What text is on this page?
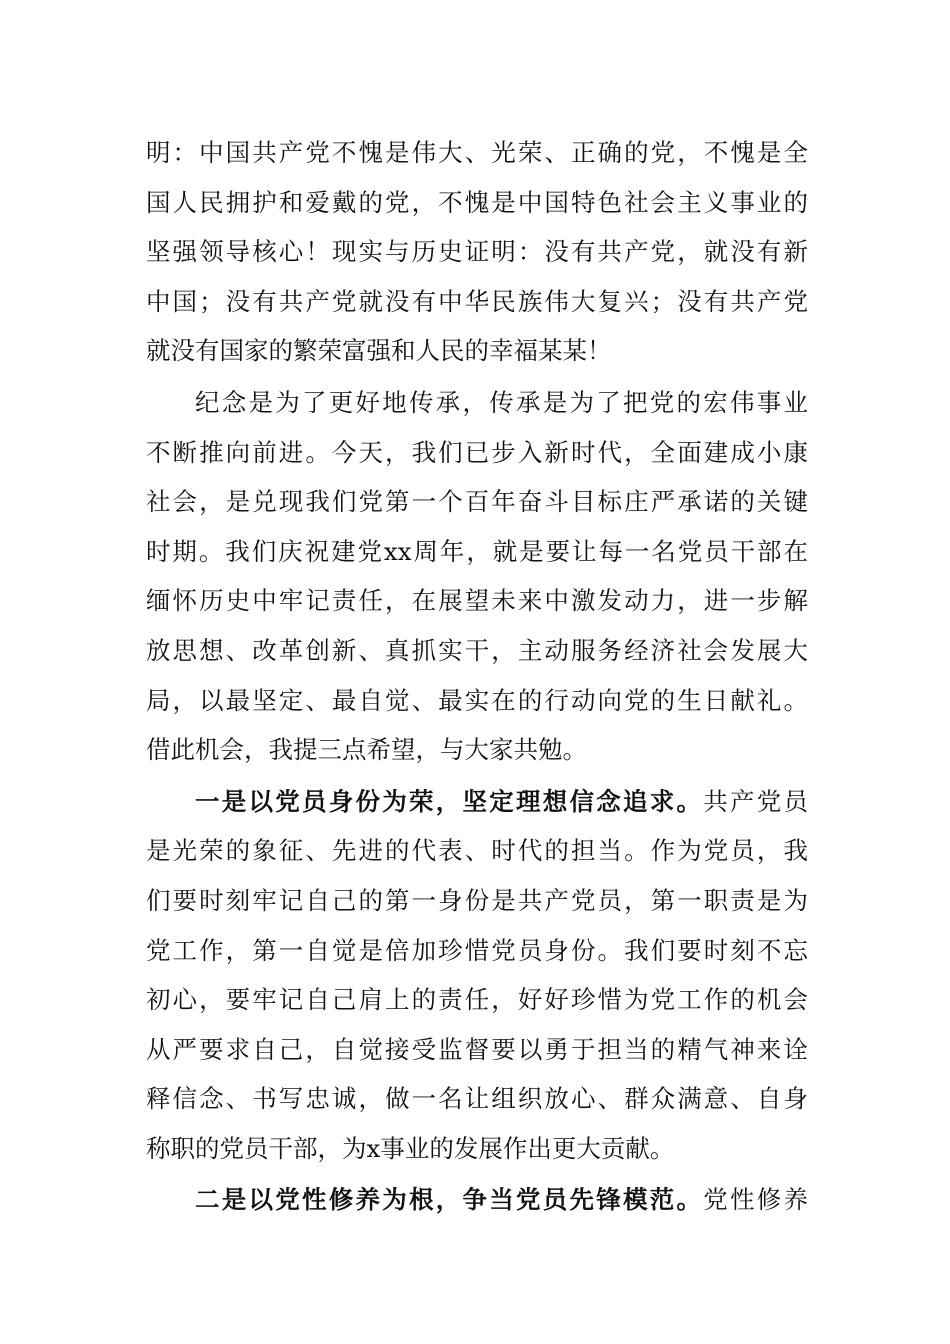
明：中国共产党不愧是伟大、光荣、正确的党，不愧是全
国人民拥护和爱戴的党，不愧是中国特色社会主义事业的
坚强领导核心！现实与历史证明：没有共产党，就没有新
中国；没有共产党就没有中华民族伟大复兴；没有共产党
就没有国家的繁荣富强和人民的幸福某某！
纪念是为了更好地传承，传承是为了把党的宏伟事业
不断推向前进。今天，我们已步入新时代，全面建成小康
社会，是兑现我们党第一个百年奋斗目标庄严承诺的关键
时期。我们庆祝建党xx周年，就是要让每一名党员干部在
缅怀历史中牢记责任，在展望未来中激发动力，进一步解
放思想、改革创新、真抓实干，主动服务经济社会发展大
局，以最坚定、最自觉、最实在的行动向党的生日献礼。
借此机会，我提三点希望，与大家共勉。
一是以党员身份为荣，坚定理想信念追求。共产党员
是光荣的象征、先进的代表、时代的担当。作为党员，我
们要时刻牢记自己的第一身份是共产党员，第一职责是为
党工作，第一自觉是倍加珍惜党员身份。我们要时刻不忘
初心，要牢记自己肩上的责任，好好珍惜为党工作的机会
从严要求自己，自觉接受监督要以勇于担当的精气神来诠
释信念、书写忠诚，做一名让组织放心、群众满意、自身
称职的党员干部，为x事业的发展作出更大贡献。
二是以党性修养为根，争当党员先锋模范。党性修养
